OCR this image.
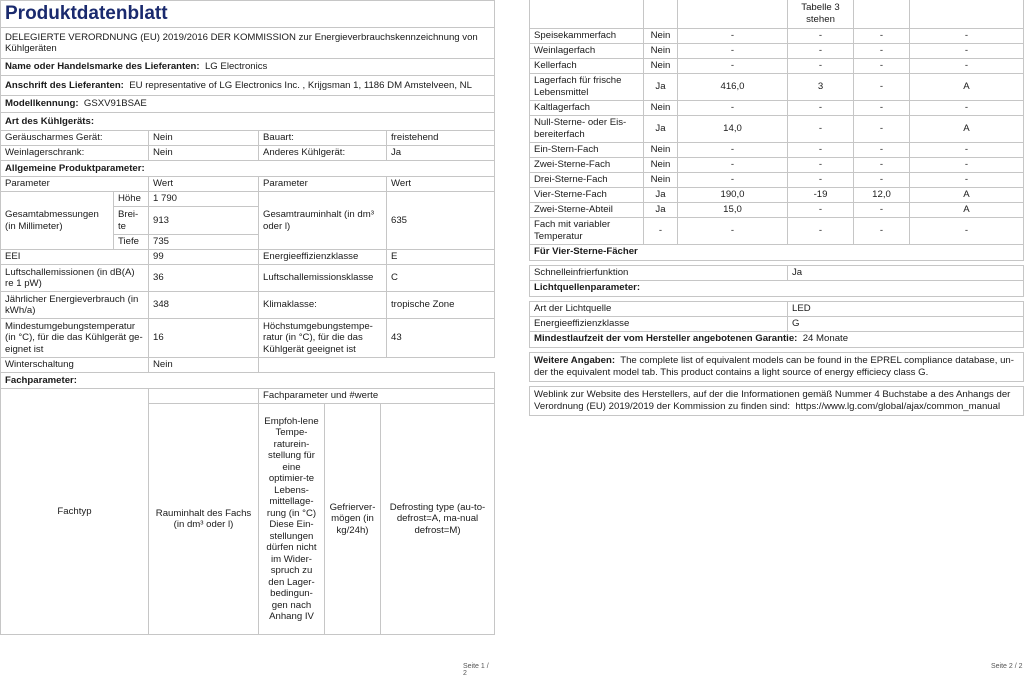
Produktdatenblatt				
DELEGIERTE VERORDNUNG (EU) 2019/2016 DER KOMMISSION zur Energieverbrauchskennzeichnung von Kühlgeräten				
Name oder Handelsmarke des Lieferanten: LG Electronics				
Anschrift des Lieferanten: EU representative of LG Electronics Inc. , Krijgsman 1, 1186 DM Amstelveen, NL				
Modellkennung: GSXV91BSAE				
Art des Kühlgeräts:				
Geräuscharmes Gerät:		Nein	Bauart:	freistehend
Weinlagerschrank:		Nein	Anderes Kühlgerät:	Ja
Allgemeine Produktparameter:				
Parameter		Wert	Parameter	Wert
Gesamtabmessungen (in Millimeter)	Höhe	1 790	Gesamtrauminhalt (in dm³ oder l)	635
	Brei-te	913		
	Tiefe	735		
EEI		99	Energieeffizienzklasse	E
Luftschallemissionen (in dB(A) re 1 pW)		36	Luftschallemissionsklasse	C
Jährlicher Energieverbrauch (in kWh/a)		348	Klimaklasse:	tropische Zone
Mindestumgebungstemperatur (in °C), für die das Kühlgerät ge-eignet ist		16	Höchstumgebungstempe-ratur (in °C), für die das Kühlgerät geeignet ist	43
Winterschaltung		Nein		
Fachparameter:				
Fachtyp		Fachparameter und #werte		
	Rauminhalt des Fachs (in dm³ oder l)	Empfoh-lene Tempe-raturein-stellung für eine optimier-te Lebens-mittellage-rung (in °C) Diese Ein-stellungen dürfen nicht im Wider-spruch zu den Lager-bedingun-gen nach Anhang IV	Gefrierver-mögen (in kg/24h)	Defrosting type (au-to-defrost=A, ma-nual defrost=M)
Seite 1 / 2
			Tabelle 3 stehen		
Speisekammerfach	Nein	-	-	-	-
Weinlagerfach	Nein	-	-	-	-
Kellerfach	Nein	-	-	-	-
Lagerfach für frische Lebensmittel	Ja	416,0	3	-	A
Kaltlagerfach	Nein	-	-	-	-
Null-Sterne- oder Eis-bereiterfach	Ja	14,0	-	-	A
Ein-Stern-Fach	Nein	-	-	-	-
Zwei-Sterne-Fach	Nein	-	-	-	-
Drei-Sterne-Fach	Nein	-	-	-	-
Vier-Sterne-Fach	Ja	190,0	-19	12,0	A
Zwei-Sterne-Abteil	Ja	15,0	-	-	A
Fach mit variabler Temperatur	-	-	-	-	-
Für Vier-Sterne-Fächer	

Schnelleinfrierfunktion	Ja
Lichtquellenparameter:	

Art der Lichtquelle	LED
Energieeffizienzklasse	G
Mindestlaufzeit der vom Hersteller angebotenen Garantie: 24 Monate	

Weitere Angaben: The complete list of equivalent models can be found in the EPREL compliance database, un-der the equivalent model tab. This product contains a light source of energy efficiecy class G.	

Weblink zur Website des Herstellers, auf der die Informationen gemäß Nummer 4 Buchstabe a des Anhangs der Verordnung (EU) 2019/2019 der Kommission zu finden sind: https://www.lg.com/global/ajax/common_manual	
Seite 2 / 2
